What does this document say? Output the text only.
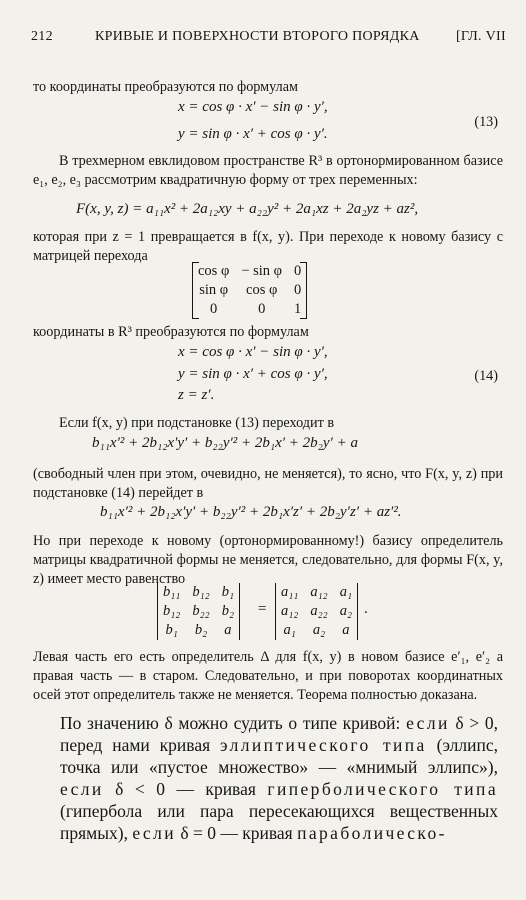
212	КРИВЫЕ И ПОВЕРХНОСТИ ВТОРОГО ПОРЯДКА	[ГЛ. VII
то координаты преобразуются по формулам
x = cos φ · x′ − sin φ · y′,
y = sin φ · x′ + cos φ · y′.
(13)
В трехмерном евклидовом пространстве R³ в ортонормированном базисе e₁, e₂, e₃ рассмотрим квадратичную форму от трех переменных:
F(x, y, z) = a₁₁x² + 2a₁₂xy + a₂₂y² + 2a₁xz + 2a₂yz + az²,
которая при z = 1 превращается в f(x, y). При переходе к новому базису с матрицей перехода
cos φ	− sin φ	0
sin φ	cos φ	0
0	0	1
координаты в R³ преобразуются по формулам
x = cos φ · x′ − sin φ · y′,
y = sin φ · x′ + cos φ · y′,
z = z′.
(14)
Если f(x, y) при подстановке (13) переходит в
b₁₁x′² + 2b₁₂x′y′ + b₂₂y′² + 2b₁x′ + 2b₂y′ + a
(свободный член при этом, очевидно, не меняется), то ясно, что F(x, y, z) при подстановке (14) перейдет в
b₁₁x′² + 2b₁₂x′y′ + b₂₂y′² + 2b₁x′z′ + 2b₂y′z′ + az′².
Но при переходе к новому (ортонормированному!) базису определитель матрицы квадратичной формы не меняется, следовательно, для формы F(x, y, z) имеет место равенство
b₁₁	b₁₂	b₁
b₁₂	b₂₂	b₂
b₁	b₂	a
=
a₁₁	a₁₂	a₁
a₁₂	a₂₂	a₂
a₁	a₂	a
.
Левая часть его есть определитель Δ для f(x, y) в новом базисе e′₁, e′₂ а правая часть — в старом. Следовательно, и при поворотах координатных осей этот определитель также не меняется. Теорема полностью доказана.
По значению δ можно судить о типе кривой: если δ > 0, перед нами кривая эллиптического типа (эллипс, точка или «пустое множество» — «мнимый эллипс»), если δ < 0 — кривая гиперболического типа (гипербола или пара пересекающихся вещественных прямых), если δ = 0 — кривая параболическо-
